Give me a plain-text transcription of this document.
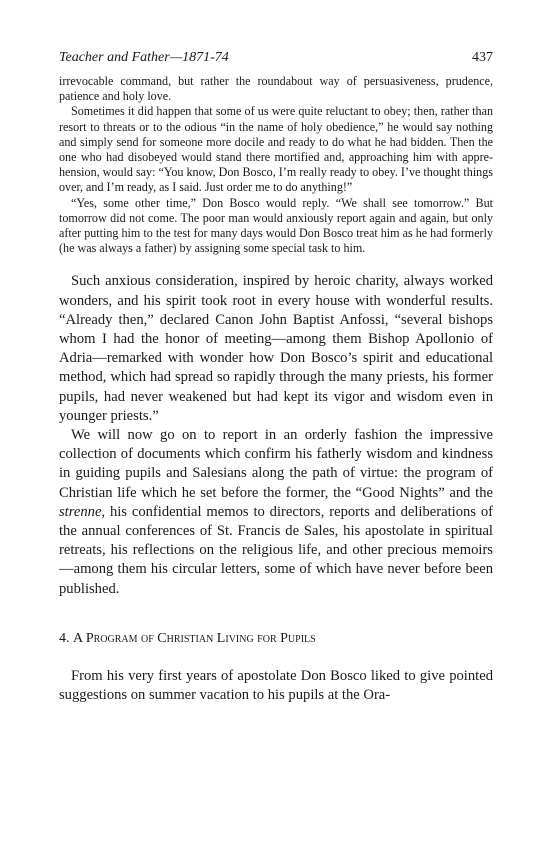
Teacher and Father—1871-74	437

irrevocable command, but rather the roundabout way of persuasiveness, prudence, patience and holy love.

Sometimes it did happen that some of us were quite reluctant to obey; then, rather than resort to threats or to the odious “in the name of holy obedience,” he would say nothing and simply send for someone more docile and ready to do what he had bidden. Then the one who had disobeyed would stand there mortified and, approaching him with apprehension, would say: “You know, Don Bosco, I’m really ready to obey. I’ve thought things over, and I’m ready, as I said. Just order me to do anything!”

“Yes, some other time,” Don Bosco would reply. “We shall see tomorrow.” But tomorrow did not come. The poor man would anxiously report again and again, but only after putting him to the test for many days would Don Bosco treat him as he had formerly (he was always a father) by assigning some special task to him.

Such anxious consideration, inspired by heroic charity, always worked wonders, and his spirit took root in every house with wonderful results. “Already then,” declared Canon John Baptist Anfossi, “several bishops whom I had the honor of meeting—among them Bishop Apollonio of Adria—remarked with wonder how Don Bosco’s spirit and educational method, which had spread so rapidly through the many priests, his former pupils, had never weakened but had kept its vigor and wisdom even in younger priests.”

We will now go on to report in an orderly fashion the impressive collection of documents which confirm his fatherly wisdom and kindness in guiding pupils and Salesians along the path of virtue: the program of Christian life which he set before the former, the “Good Nights” and the strenne, his confidential memos to directors, reports and deliberations of the annual conferences of St. Francis de Sales, his apostolate in spiritual retreats, his reflections on the religious life, and other precious memoirs—among them his circular letters, some of which have never before been published.

4. A Program of Christian Living for Pupils

From his very first years of apostolate Don Bosco liked to give pointed suggestions on summer vacation to his pupils at the Ora-
